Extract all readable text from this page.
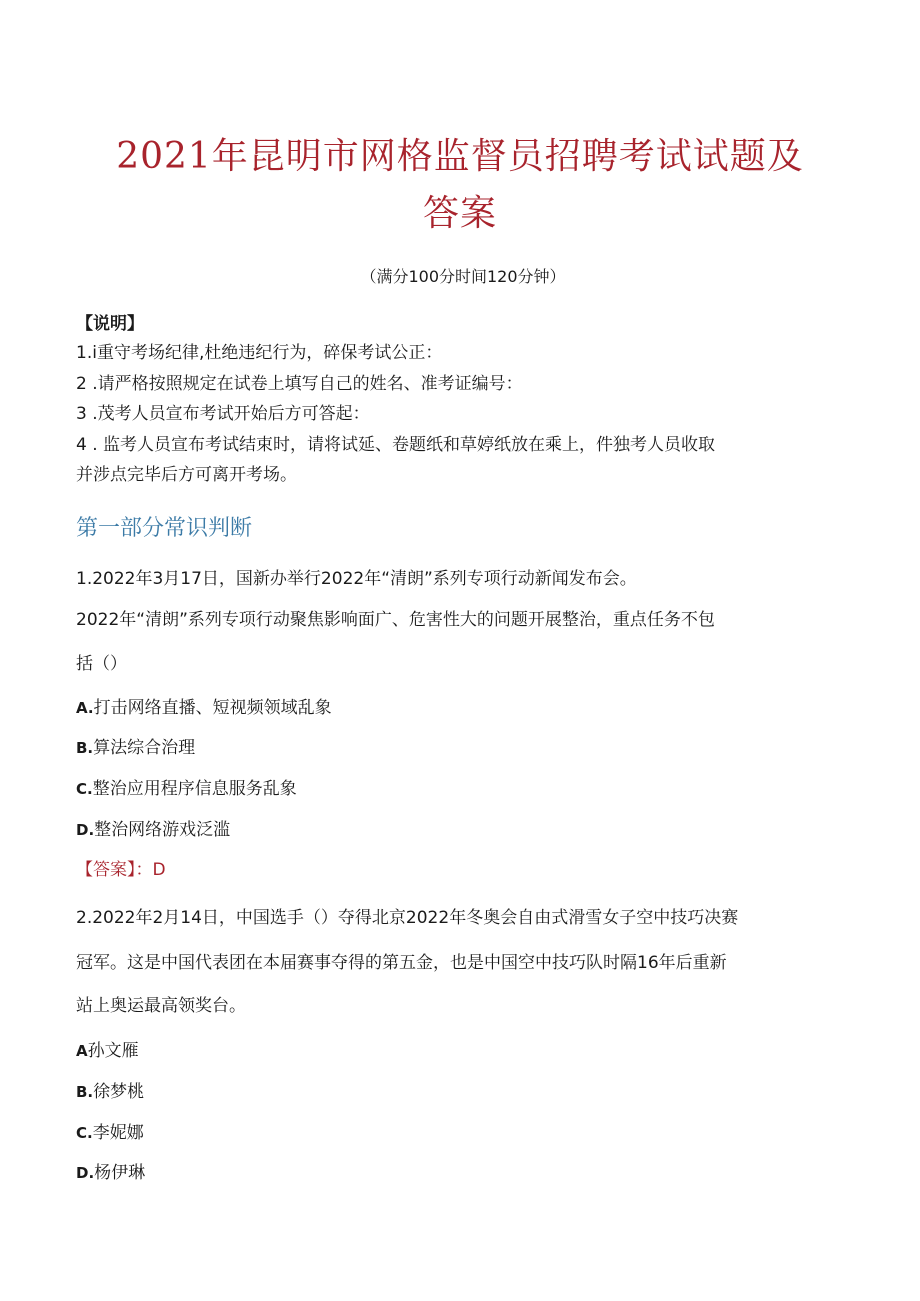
2021年昆明市网格监督员招聘考试试题及
答案
（满分100分时间120分钟）
【说明】
1.i重守考场纪律,杜绝违纪行为，碎保考试公正：
2 .请严格按照规定在试卷上填写自己的姓名、准考证编号：
3 .茂考人员宣布考试开始后方可答起：
4 . 监考人员宣布考试结束时，请将试延、卷题纸和草婷纸放在乘上，件独考人员收取
并涉点完毕后方可离开考场。
第一部分常识判断
1.2022年3月17日，国新办举行2022年“清朗”系列专项行动新闻发布会。
2022年“清朗”系列专项行动聚焦影响面广、危害性大的问题开展整治，重点任务不包
括（）
A.打击网络直播、短视频领域乱象
B.算法综合治理
C.整治应用程序信息服务乱象
D.整治网络游戏泛滥
【答案】：D
2.2022年2月14日，中国选手（）夺得北京2022年冬奥会自由式滑雪女子空中技巧决赛
冠军。这是中国代表团在本届赛事夺得的第五金，也是中国空中技巧队时隔16年后重新
站上奥运最高领奖台。
A孙文雁
B.徐梦桃
C.李妮娜
D.杨伊琳
